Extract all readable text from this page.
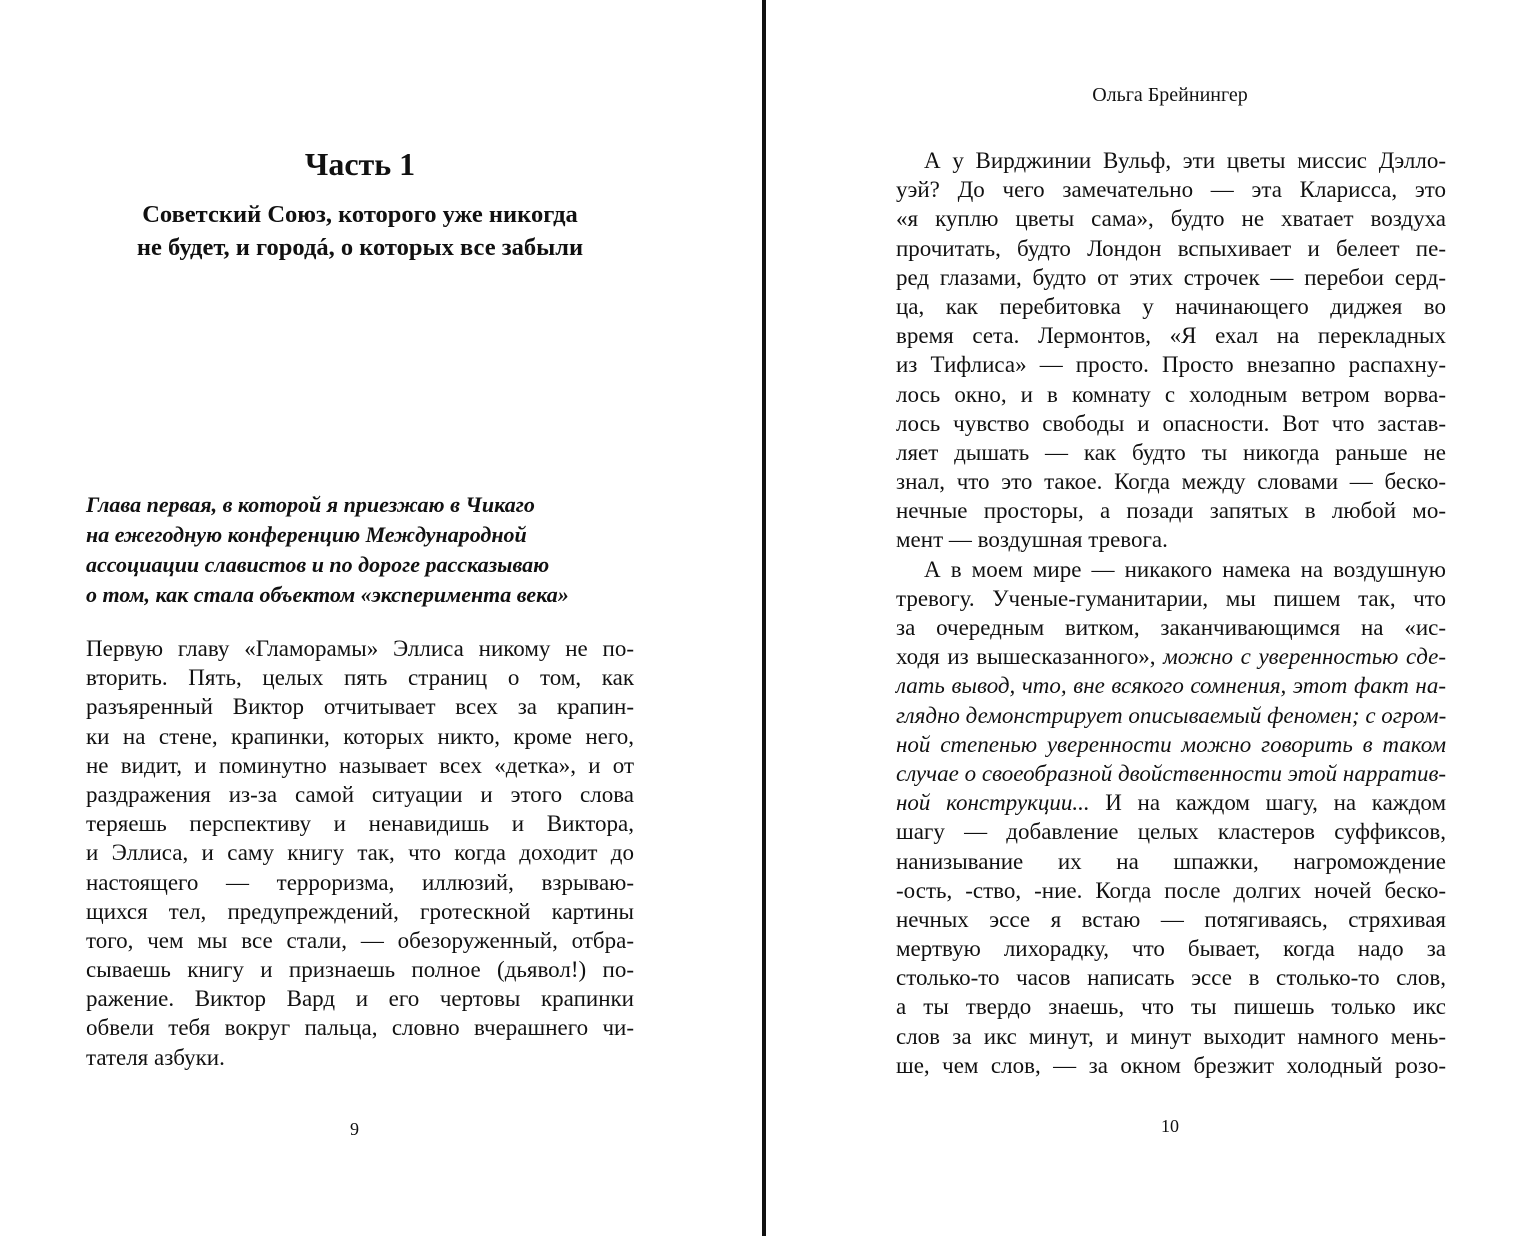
Часть 1
Советский Союз, которого уже никогда
не будет, и городá, о которых все забыли
Глава первая, в которой я приезжаю в Чикаго
на ежегодную конференцию Международной
ассоциации славистов и по дороге рассказываю
о том, как стала объектом «эксперимента века»
Первую главу «Гламорамы» Эллиса никому не по-
вторить. Пять, целых пять страниц о том, как
разъяренный Виктор отчитывает всех за крапин-
ки на стене, крапинки, которых никто, кроме него,
не видит, и поминутно называет всех «детка», и от
раздражения из-за самой ситуации и этого слова
теряешь перспективу и ненавидишь и Виктора,
и Эллиса, и саму книгу так, что когда доходит до
настоящего — терроризма, иллюзий, взрываю-
щихся тел, предупреждений, гротескной картины
того, чем мы все стали, — обезоруженный, отбра-
сываешь книгу и признаешь полное (дьявол!) по-
ражение. Виктор Вард и его чертовы крапинки
обвели тебя вокруг пальца, словно вчерашнего чи-
тателя азбуки.
9
Ольга Брейнингер
А у Вирджинии Вульф, эти цветы миссис Дэлло-
уэй? До чего замечательно — эта Кларисса, это
«я куплю цветы сама», будто не хватает воздуха
прочитать, будто Лондон вспыхивает и белеет пе-
ред глазами, будто от этих строчек — перебои серд-
ца, как перебитовка у начинающего диджея во
время сета. Лермонтов, «Я ехал на перекладных
из Тифлиса» — просто. Просто внезапно распахну-
лось окно, и в комнату с холодным ветром ворва-
лось чувство свободы и опасности. Вот что застав-
ляет дышать — как будто ты никогда раньше не
знал, что это такое. Когда между словами — беско-
нечные просторы, а позади запятых в любой мо-
мент — воздушная тревога.
А в моем мире — никакого намека на воздушную
тревогу. Ученые-гуманитарии, мы пишем так, что
за очередным витком, заканчивающимся на «ис-
ходя из вышесказанного», можно с уверенностью сде-
лать вывод, что, вне всякого сомнения, этот факт на-
глядно демонстрирует описываемый феномен; с огром-
ной степенью уверенности можно говорить в таком
случае о своеобразной двойственности этой нарратив-
ной конструкции... И на каждом шагу, на каждом
шагу — добавление целых кластеров суффиксов,
нанизывание их на шпажки, нагромождение
-ость, -ство, -ние. Когда после долгих ночей беско-
нечных эссе я встаю — потягиваясь, стряхивая
мертвую лихорадку, что бывает, когда надо за
столько-то часов написать эссе в столько-то слов,
а ты твердо знаешь, что ты пишешь только икс
слов за икс минут, и минут выходит намного мень-
ше, чем слов, — за окном брезжит холодный розо-
10
